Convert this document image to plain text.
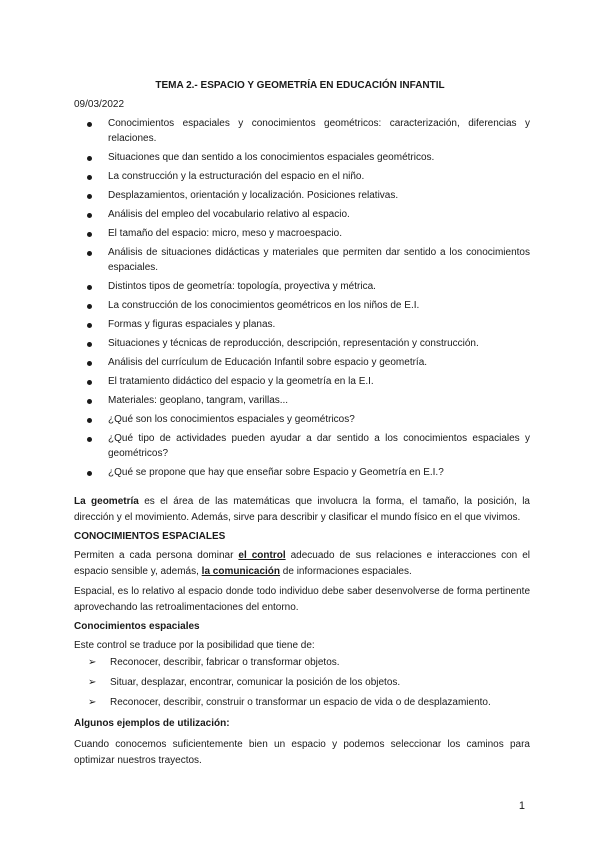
TEMA 2.- ESPACIO Y GEOMETRÍA EN EDUCACIÓN INFANTIL
09/03/2022
Conocimientos espaciales y conocimientos geométricos: caracterización, diferencias y relaciones.
Situaciones que dan sentido a los conocimientos espaciales geométricos.
La construcción y la estructuración del espacio en el niño.
Desplazamientos, orientación y localización. Posiciones relativas.
Análisis del empleo del vocabulario relativo al espacio.
El tamaño del espacio: micro, meso y macroespacio.
Análisis de situaciones didácticas y materiales que permiten dar sentido a los conocimientos espaciales.
Distintos tipos de geometría: topología, proyectiva y métrica.
La construcción de los conocimientos geométricos en los niños de E.I.
Formas y figuras espaciales y planas.
Situaciones y técnicas de reproducción, descripción, representación y construcción.
Análisis del currículum de Educación Infantil sobre espacio y geometría.
El tratamiento didáctico del espacio y la geometría en la E.I.
Materiales: geoplano, tangram, varillas...
¿Qué son los conocimientos espaciales y geométricos?
¿Qué tipo de actividades pueden ayudar a dar sentido a los conocimientos espaciales y geométricos?
¿Qué se propone que hay que enseñar sobre Espacio y Geometría en E.I.?

La geometría es el área de las matemáticas que involucra la forma, el tamaño, la posición, la dirección y el movimiento. Además, sirve para describir y clasificar el mundo físico en el que vivimos.

CONOCIMIENTOS ESPACIALES

Permiten a cada persona dominar el control adecuado de sus relaciones e interacciones con el espacio sensible y, además, la comunicación de informaciones espaciales.

Espacial, es lo relativo al espacio donde todo individuo debe saber desenvolverse de forma pertinente aprovechando las retroalimentaciones del entorno.

Conocimientos espaciales

Este control se traduce por la posibilidad que tiene de:

➢ Reconocer, describir, fabricar o transformar objetos.
➢ Situar, desplazar, encontrar, comunicar la posición de los objetos.
➢ Reconocer, describir, construir o transformar un espacio de vida o de desplazamiento.

Algunos ejemplos de utilización:

Cuando conocemos suficientemente bien un espacio y podemos seleccionar los caminos para optimizar nuestros trayectos.

1
